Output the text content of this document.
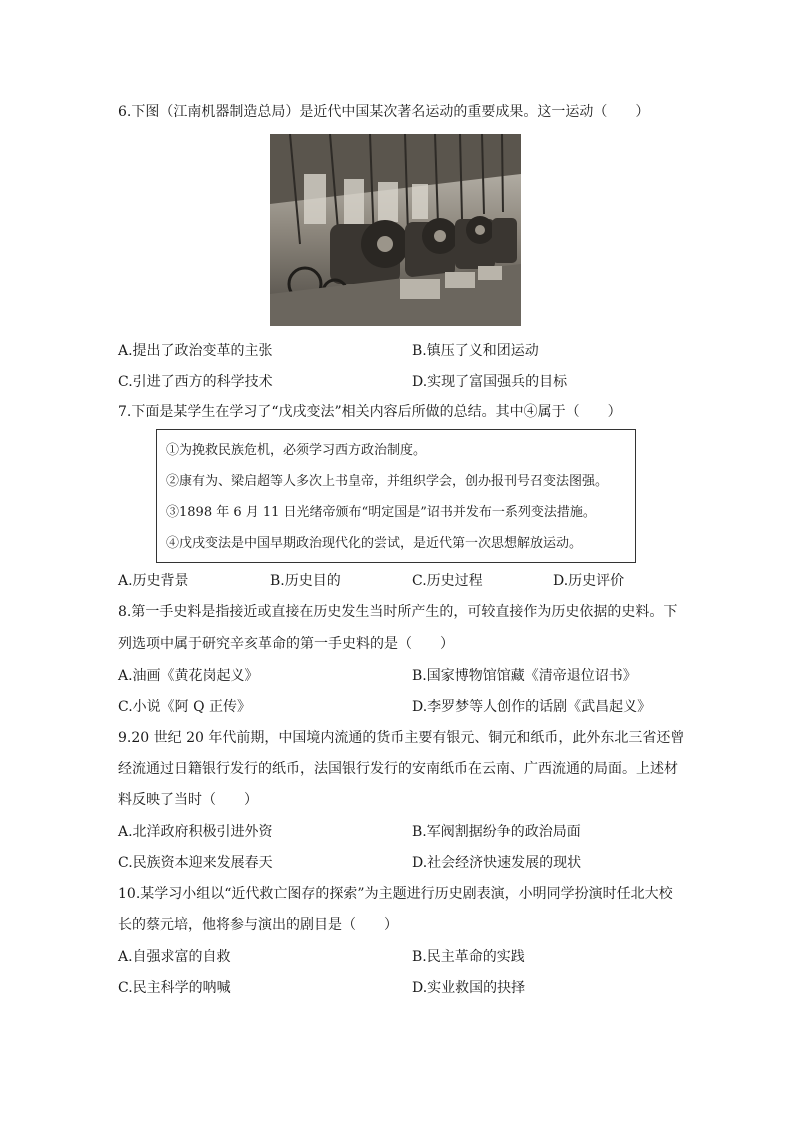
6.下图（江南机器制造总局）是近代中国某次著名运动的重要成果。这一运动（　　）
A.提出了政治变革的主张	B.镇压了义和团运动
C.引进了西方的科学技术	D.实现了富国强兵的目标
7.下面是某学生在学习了“戊戌变法”相关内容后所做的总结。其中④属于（　　）
①为挽救民族危机，必须学习西方政治制度。
②康有为、梁启超等人多次上书皇帝，并组织学会，创办报刊号召变法图强。
③1898 年 6 月 11 日光绪帝颁布“明定国是”诏书并发布一系列变法措施。
④戊戌变法是中国早期政治现代化的尝试，是近代第一次思想解放运动。
A.历史背景	B.历史目的	C.历史过程	D.历史评价
8.第一手史料是指接近或直接在历史发生当时所产生的，可较直接作为历史依据的史料。下
列选项中属于研究辛亥革命的第一手史料的是（　　）
A.油画《黄花岗起义》	B.国家博物馆馆藏《清帝退位诏书》
C.小说《阿 Q 正传》	D.李罗梦等人创作的话剧《武昌起义》
9.20 世纪 20 年代前期，中国境内流通的货币主要有银元、铜元和纸币，此外东北三省还曾
经流通过日籍银行发行的纸币，法国银行发行的安南纸币在云南、广西流通的局面。上述材
料反映了当时（　　）
A.北洋政府积极引进外资	B.军阀割据纷争的政治局面
C.民族资本迎来发展春天	D.社会经济快速发展的现状
10.某学习小组以“近代救亡图存的探索”为主题进行历史剧表演，小明同学扮演时任北大校
长的蔡元培，他将参与演出的剧目是（　　）
A.自强求富的自救	B.民主革命的实践
C.民主科学的呐喊	D.实业救国的抉择
